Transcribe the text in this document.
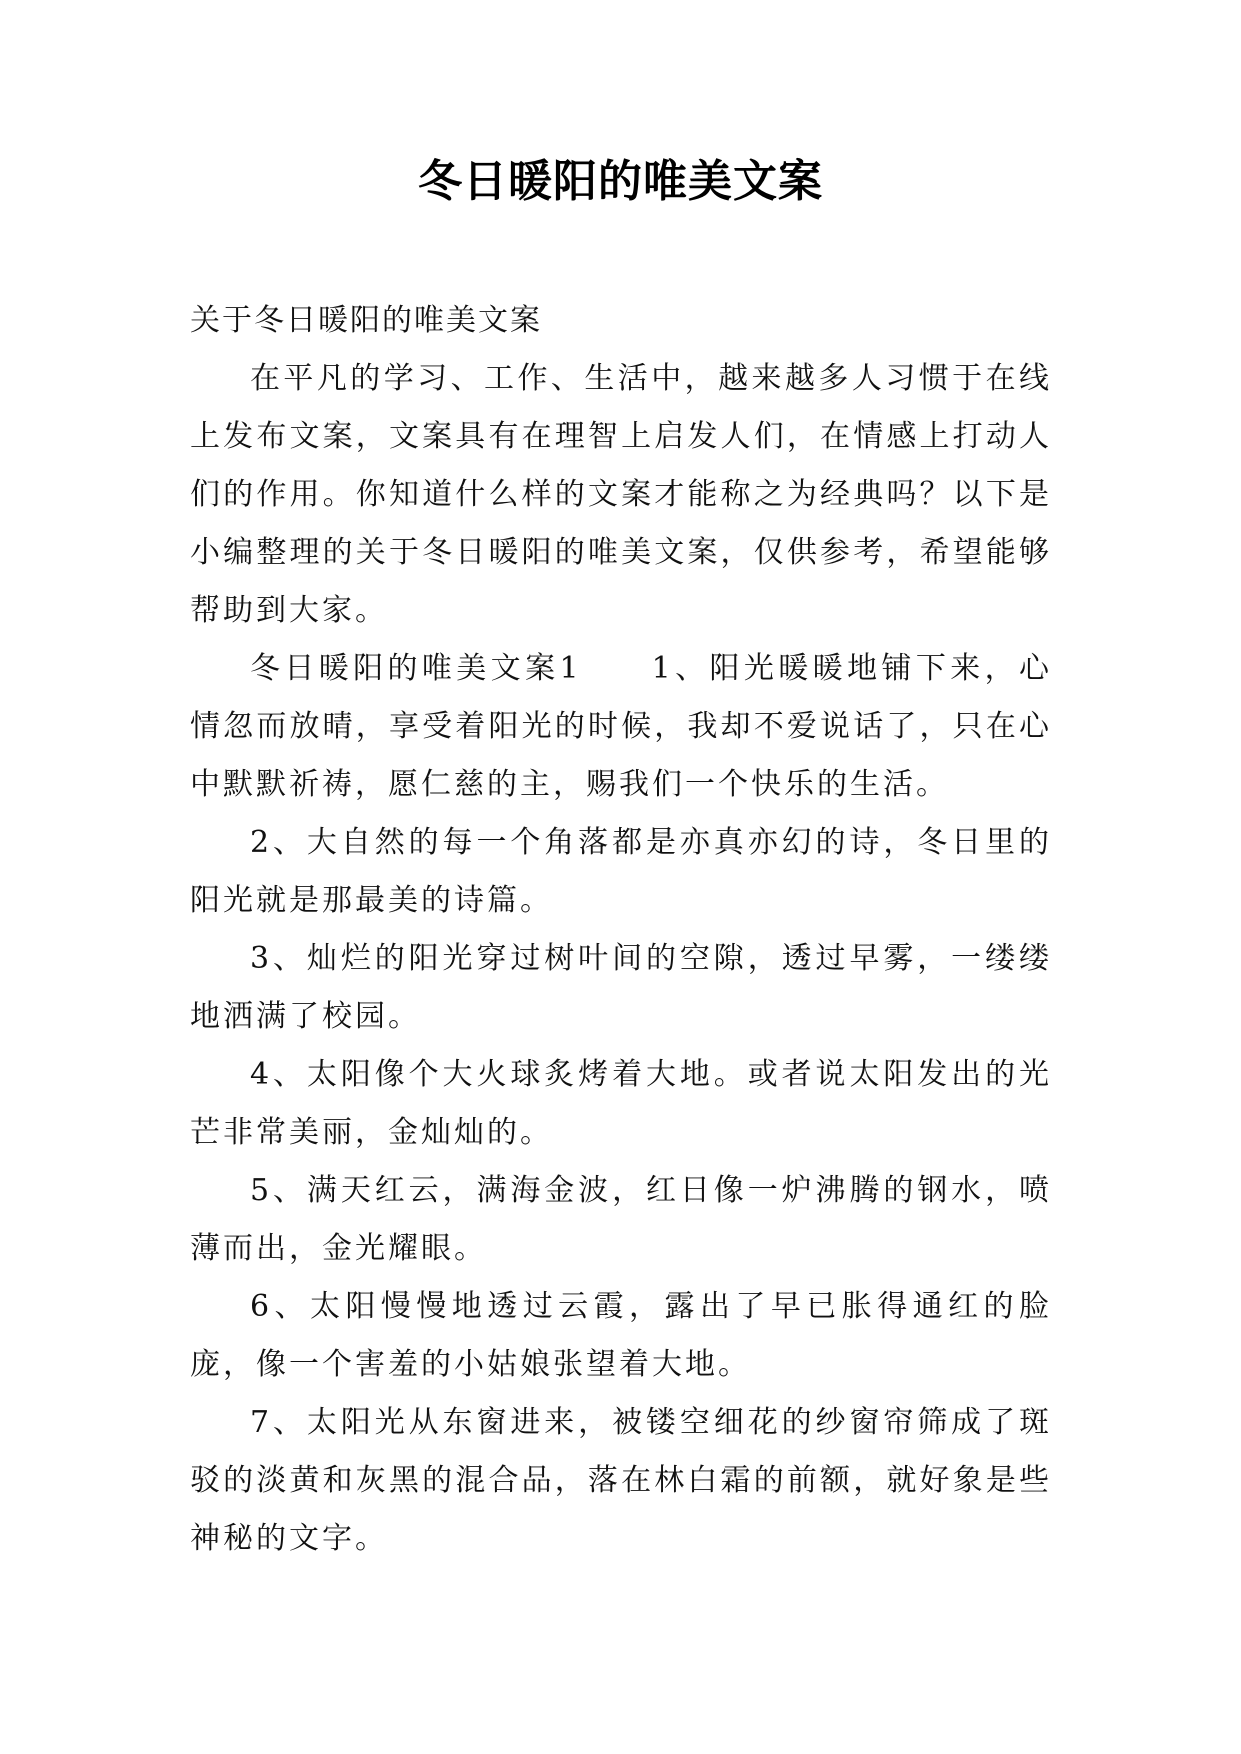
冬日暖阳的唯美文案

关于冬日暖阳的唯美文案

在平凡的学习、工作、生活中，越来越多人习惯于在线上发布文案，文案具有在理智上启发人们，在情感上打动人们的作用。你知道什么样的文案才能称之为经典吗？以下是小编整理的关于冬日暖阳的唯美文案，仅供参考，希望能够帮助到大家。

冬日暖阳的唯美文案1　　1、阳光暖暖地铺下来，心情忽而放晴，享受着阳光的时候，我却不爱说话了，只在心中默默祈祷，愿仁慈的主，赐我们一个快乐的生活。

2、大自然的每一个角落都是亦真亦幻的诗，冬日里的阳光就是那最美的诗篇。

3、灿烂的阳光穿过树叶间的空隙，透过早雾，一缕缕地洒满了校园。

4、太阳像个大火球炙烤着大地。或者说太阳发出的光芒非常美丽，金灿灿的。

5、满天红云，满海金波，红日像一炉沸腾的钢水，喷薄而出，金光耀眼。

6、太阳慢慢地透过云霞，露出了早已胀得通红的脸庞，像一个害羞的小姑娘张望着大地。

7、太阳光从东窗进来，被镂空细花的纱窗帘筛成了斑驳的淡黄和灰黑的混合品，落在林白霜的前额，就好象是些神秘的文字。
